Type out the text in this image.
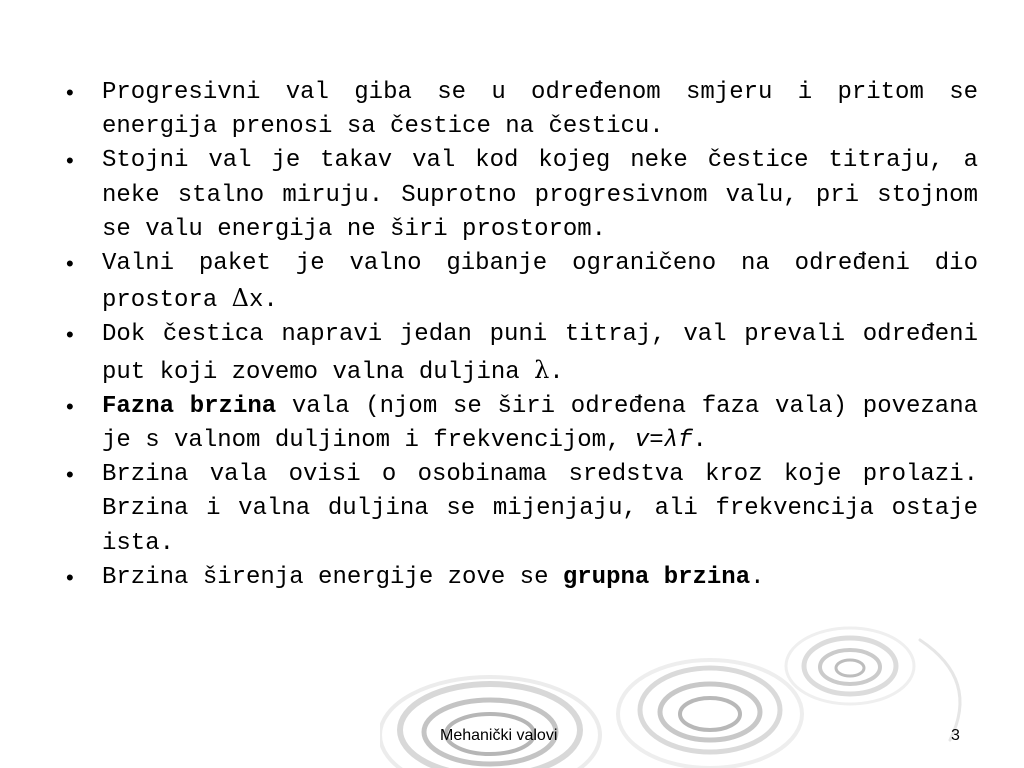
• Progresivni val giba se u određenom smjeru i pritom se energija prenosi sa čestice na česticu.
• Stojni val je takav val kod kojeg neke čestice titraju, a neke stalno miruju. Suprotno progresivnom valu, pri stojnom se valu energija ne širi prostorom.
• Valni paket je valno gibanje ograničeno na određeni dio prostora Δx.
• Dok čestica napravi jedan puni titraj, val prevali određeni put koji zovemo valna duljina λ.
• Fazna brzina vala (njom se širi određena faza vala) povezana je s valnom duljinom i frekvencijom, v=λf.
• Brzina vala ovisi o osobinama sredstva kroz koje prolazi. Brzina i valna duljina se mijenjaju, ali frekvencija ostaje ista.
• Brzina širenja energije zove se grupna brzina.
Mehanički valovi	3
